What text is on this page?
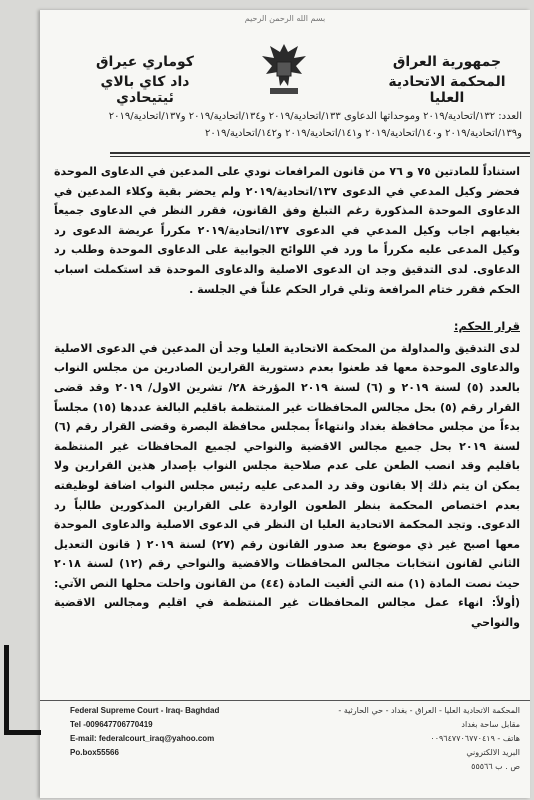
بسم الله الرحمن الرحيم
جمهورية العراق
المحكمة الاتحادية العليا
كوماري عيراق
داد كاي بالاي ئيتيحادي
العدد: ١٣٢/اتحادية/٢٠١٩ وموحداتها الدعاوى ١٣٣/اتحادية/٢٠١٩ و١٣٤/اتحادية/٢٠١٩ و١٣٧/اتحادية/٢٠١٩
و١٣٩/اتحادية/٢٠١٩ و١٤٠/اتحادية/٢٠١٩ و١٤١/اتحادية/٢٠١٩ و١٤٢/اتحادية/٢٠١٩

استناداً للمادتين ٧٥ و ٧٦ من قانون المرافعات نودي على المدعين في الدعاوى الموحدة فحضر وكيل المدعي في الدعوى ١٣٧/اتحادية/٢٠١٩ ولم يحضر بقية وكلاء المدعين في الدعاوى الموحدة المذكورة رغم التبلغ وفق القانون، فقرر النظر في الدعاوى جميعاً بغيابهم اجاب وكيل المدعي في الدعوى ١٣٧/اتحادية/٢٠١٩ مكرراً عريضة الدعوى رد وكيل المدعى عليه مكرراً ما ورد في اللوائح الجوابية على الدعاوى الموحدة وطلب رد الدعاوى. لدى التدقيق وجد ان الدعوى الاصلية والدعاوى الموحدة قد استكملت اسباب الحكم فقرر ختام المرافعة وتلي قرار الحكم علناً في الجلسة .

قرار الحكم:

لدى التدقيق والمداولة من المحكمة الاتحادية العليا وجد أن المدعين في الدعوى الاصلية والدعاوى الموحدة معها قد طعنوا بعدم دستورية القرارين الصادرين من مجلس النواب بالعدد (٥) لسنة ٢٠١٩ و (٦) لسنة ٢٠١٩ المؤرخة ٢٨/ تشرين الاول/ ٢٠١٩ وقد قضى القرار رقم (٥) بحل مجالس المحافظات غير المنتظمة باقليم البالغة عددها (١٥) مجلساً بدءاً من مجلس محافظة بغداد وانتهاءاً بمجلس محافظة البصرة وقضى القرار رقم (٦) لسنة ٢٠١٩ بحل جميع مجالس الاقضية والنواحي لجميع المحافظات غير المنتظمة باقليم وقد انصب الطعن على عدم صلاحية مجلس النواب بإصدار هذين القرارين ولا يمكن ان يتم ذلك إلا بقانون وقد رد المدعى عليه رئيس مجلس النواب اضافة لوظيفته بعدم اختصاص المحكمة بنظر الطعون الواردة على القرارين المذكورين طالباً رد الدعوى. وتجد المحكمة الاتحادية العليا ان النظر في الدعوى الاصلية والدعاوى الموحدة معها اصبح غير ذي موضوع بعد صدور القانون رقم (٢٧) لسنة ٢٠١٩ ( قانون التعديل الثاني لقانون انتخابات مجالس المحافظات والاقضية والنواحي رقم (١٢) لسنة ٢٠١٨ حيث نصت المادة (١) منه التي ألغيت المادة (٤٤) من القانون واحلت محلها النص الآتي: (أولاً: انهاء عمل مجالس المحافظات غير المنتظمة في اقليم ومجالس الاقضية والنواحي

Federal Supreme Court - Iraq- Baghdad
Tel -009647706770419
E-mail: federalcourt_iraq@yahoo.com
Po.box55566
المحكمة الاتحادية العليا - العراق - بغداد - حي الحارثية - مقابل ساحة بغداد
هاتف - ٠٠٩٦٤٧٧٠٦٧٧٠٤١٩
البريد الالكتروني
ص . ب ٥٥٥٦٦
